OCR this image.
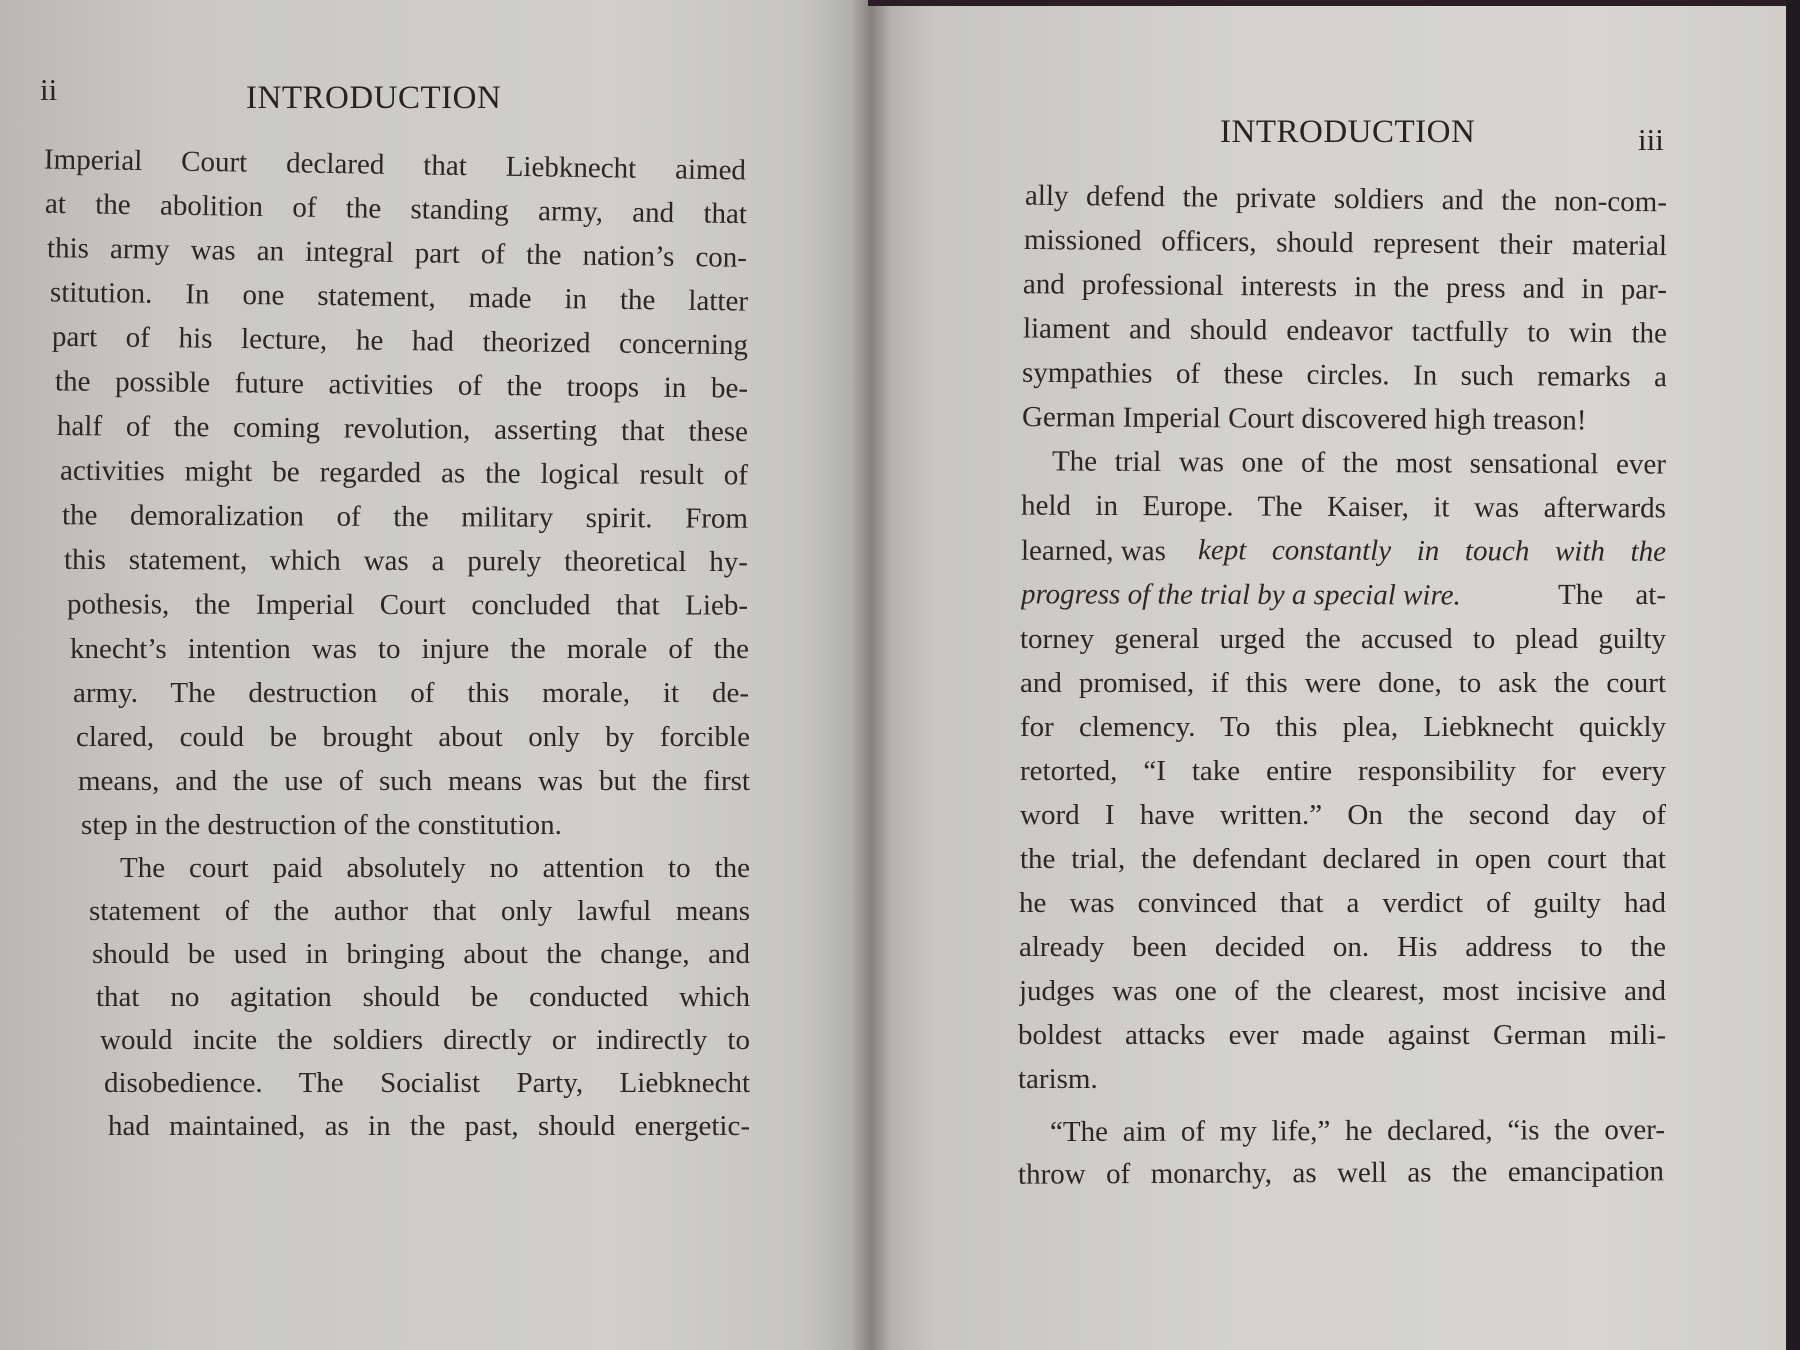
ii	INTRODUCTION
Imperial Court declared that Liebknecht aimed
at the abolition of the standing army, and that
this army was an integral part of the nation’s con-
stitution. In one statement, made in the latter
part of his lecture, he had theorized concerning
the possible future activities of the troops in be-
half of the coming revolution, asserting that these
activities might be regarded as the logical result of
the demoralization of the military spirit. From
this statement, which was a purely theoretical hy-
pothesis, the Imperial Court concluded that Lieb-
knecht’s intention was to injure the morale of the
army. The destruction of this morale, it de-
clared, could be brought about only by forcible
means, and the use of such means was but the first
step in the destruction of the constitution.
The court paid absolutely no attention to the
statement of the author that only lawful means
should be used in bringing about the change, and
that no agitation should be conducted which
would incite the soldiers directly or indirectly to
disobedience. The Socialist Party, Liebknecht
had maintained, as in the past, should energetic-
INTRODUCTION	iii
ally defend the private soldiers and the non-com-
missioned officers, should represent their material
and professional interests in the press and in par-
liament and should endeavor tactfully to win the
sympathies of these circles. In such remarks a
German Imperial Court discovered high treason!
The trial was one of the most sensational ever
held in Europe. The Kaiser, it was afterwards
learned, was	kept constantly in touch with the
progress of the trial by a special wire.	The at-
torney general urged the accused to plead guilty
and promised, if this were done, to ask the court
for clemency. To this plea, Liebknecht quickly
retorted, “I take entire responsibility for every
word I have written.” On the second day of
the trial, the defendant declared in open court that
he was convinced that a verdict of guilty had
already been decided on. His address to the
judges was one of the clearest, most incisive and
boldest attacks ever made against German mili-
tarism.
“The aim of my life,” he declared, “is the over-
throw of monarchy, as well as the emancipation
